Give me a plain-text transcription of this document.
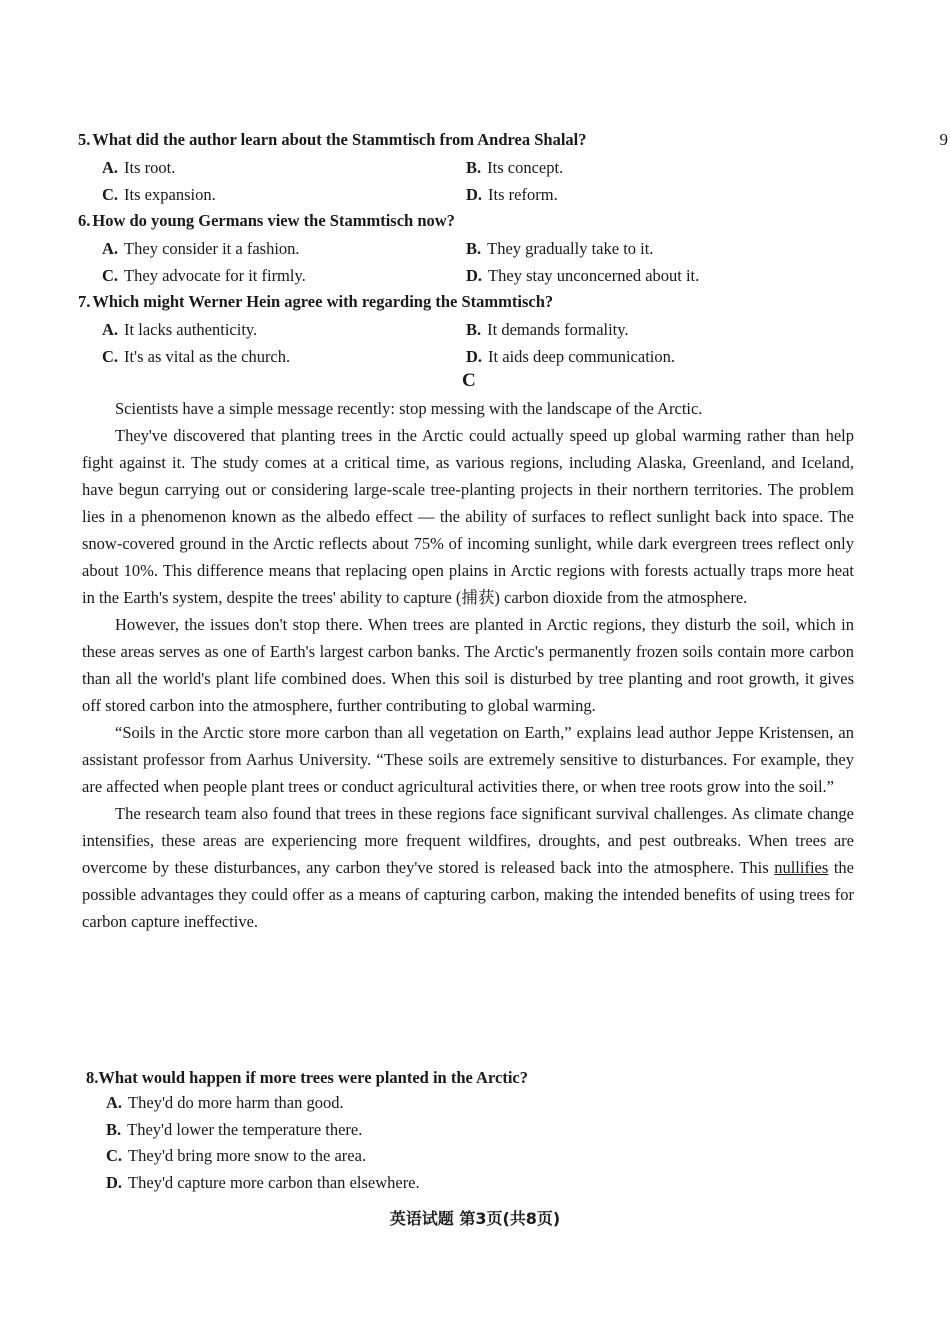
9
5. What did the author learn about the Stammtisch from Andrea Shalal?
A. Its root.	B. Its concept.
C. Its expansion.	D. Its reform.
6. How do young Germans view the Stammtisch now?
A. They consider it a fashion.	B. They gradually take to it.
C. They advocate for it firmly.	D. They stay unconcerned about it.
7. Which might Werner Hein agree with regarding the Stammtisch?
A. It lacks authenticity.	B. It demands formality.
C. It's as vital as the church.	D. It aids deep communication.
C

Scientists have a simple message recently: stop messing with the landscape of the Arctic.

They've discovered that planting trees in the Arctic could actually speed up global warming rather than help fight against it. The study comes at a critical time, as various regions, including Alaska, Greenland, and Iceland, have begun carrying out or considering large-scale tree-planting projects in their northern territories. The problem lies in a phenomenon known as the albedo effect — the ability of surfaces to reflect sunlight back into space. The snow-covered ground in the Arctic reflects about 75% of incoming sunlight, while dark evergreen trees reflect only about 10%. This difference means that replacing open plains in Arctic regions with forests actually traps more heat in the Earth's system, despite the trees' ability to capture (捕获) carbon dioxide from the atmosphere.

However, the issues don't stop there. When trees are planted in Arctic regions, they disturb the soil, which in these areas serves as one of Earth's largest carbon banks. The Arctic's permanently frozen soils contain more carbon than all the world's plant life combined does. When this soil is disturbed by tree planting and root growth, it gives off stored carbon into the atmosphere, further contributing to global warming.

“Soils in the Arctic store more carbon than all vegetation on Earth,” explains lead author Jeppe Kristensen, an assistant professor from Aarhus University. “These soils are extremely sensitive to disturbances. For example, they are affected when people plant trees or conduct agricultural activities there, or when tree roots grow into the soil.”

The research team also found that trees in these regions face significant survival challenges. As climate change intensifies, these areas are experiencing more frequent wildfires, droughts, and pest outbreaks. When trees are overcome by these disturbances, any carbon they've stored is released back into the atmosphere. This nullifies the possible advantages they could offer as a means of capturing carbon, making the intended benefits of using trees for carbon capture ineffective.

8.What would happen if more trees were planted in the Arctic?
A. They'd do more harm than good.
B. They'd lower the temperature there.
C. They'd bring more snow to the area.
D. They'd capture more carbon than elsewhere.
英语试题 第3页(共8页)
